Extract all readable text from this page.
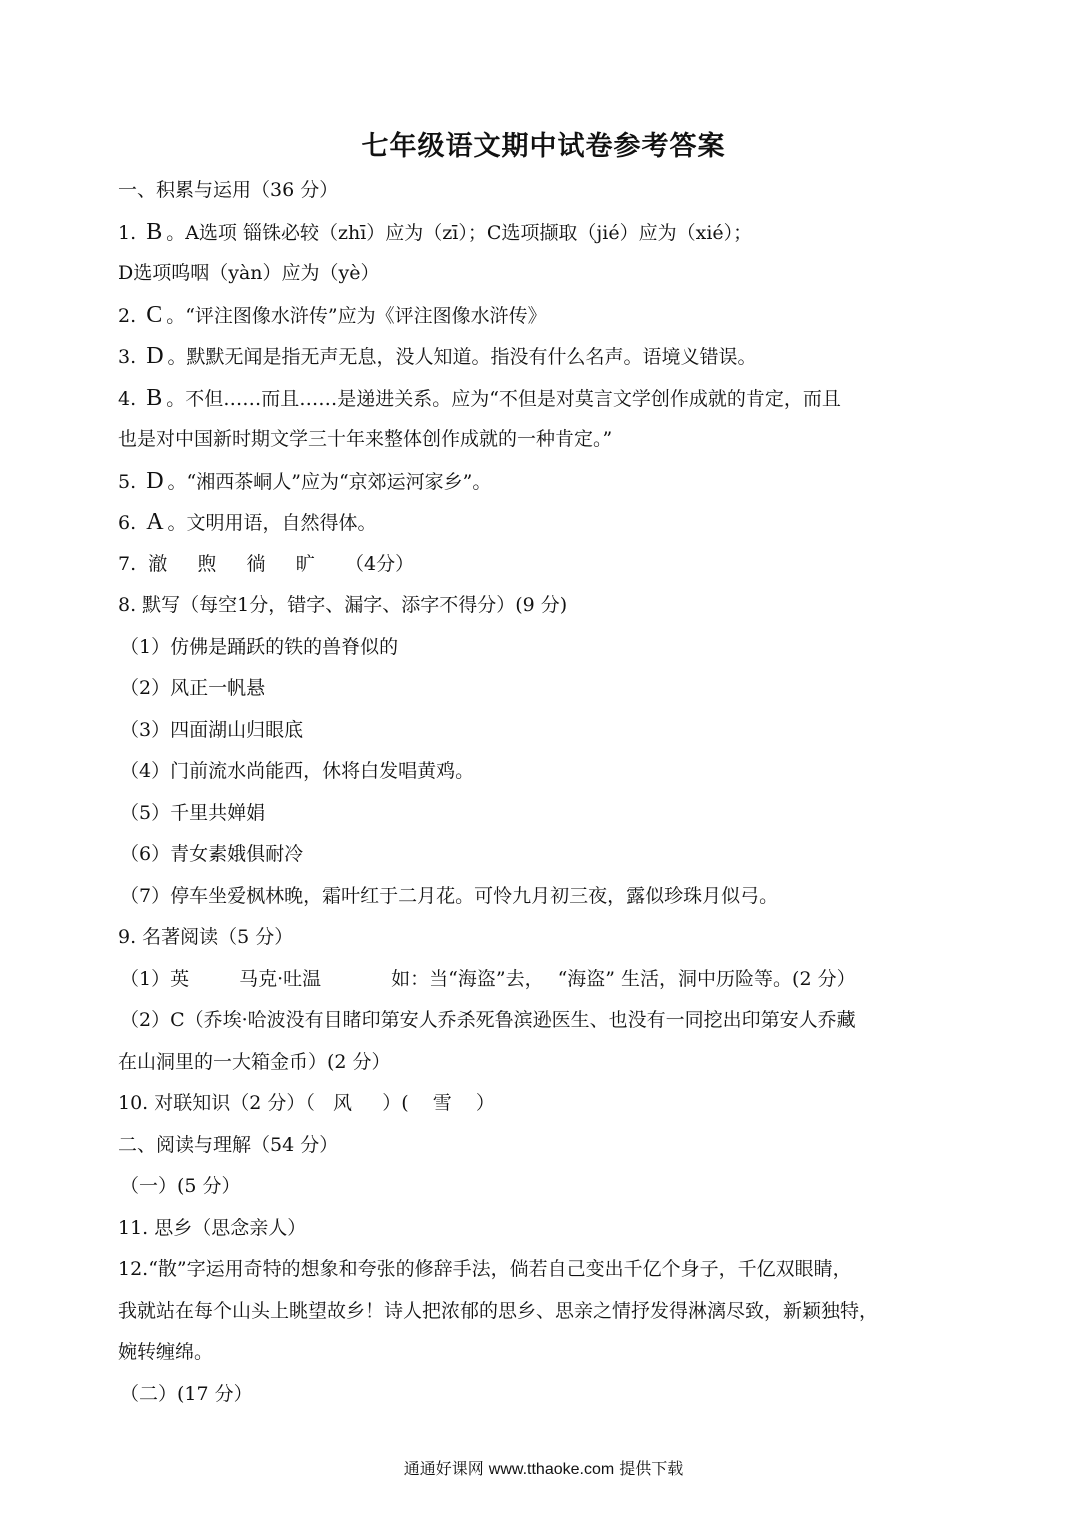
七年级语文期中试卷参考答案
一、积累与运用（36 分）
1. B 。A选项 锱铢必较（zhī）应为（zī）；C选项撷取（jié）应为（xié）；
D选项呜咽（yàn）应为（yè）
2. C 。“评注图像水浒传”应为《评注图像水浒传》
3. D 。默默无闻是指无声无息，没人知道。指没有什么名声。语境义错误。
4. B 。不但……而且……是递进关系。应为“不但是对莫言文学创作成就的肯定，而且
也是对中国新时期文学三十年来整体创作成就的一种肯定。”
5. D 。“湘西茶峒人”应为“京郊运河家乡”。
6. A 。文明用语，自然得体。
7.  澈     煦     徜     旷     （4分）
8. 默写（每空1分，错字、漏字、添字不得分）(9 分)
（1）仿佛是踊跃的铁的兽脊似的
（2）风正一帆悬
（3）四面湖山归眼底
（4）门前流水尚能西，休将白发唱黄鸡。
（5）千里共婵娟
（6）青女素娥俱耐冷
（7）停车坐爱枫林晚，霜叶红于二月花。可怜九月初三夜，露似珍珠月似弓。
9. 名著阅读（5 分）
（1）英	马克·吐温	如：当“海盗”去， “海盗” 生活，洞中历险等。(2 分）
（2）C（乔埃·哈波没有目睹印第安人乔杀死鲁滨逊医生、也没有一同挖出印第安人乔藏
在山洞里的一大箱金币）(2 分）
10. 对联知识（2 分）（   风     ）(    雪    ）
二、阅读与理解（54 分）
（一）(5 分）
11. 思乡（思念亲人）
12.“散”字运用奇特的想象和夸张的修辞手法，倘若自己变出千亿个身子，千亿双眼睛，
我就站在每个山头上眺望故乡！诗人把浓郁的思乡、思亲之情抒发得淋漓尽致，新颖独特，
婉转缠绵。
（二）(17 分）
通通好课网 www.tthaoke.com 提供下载
